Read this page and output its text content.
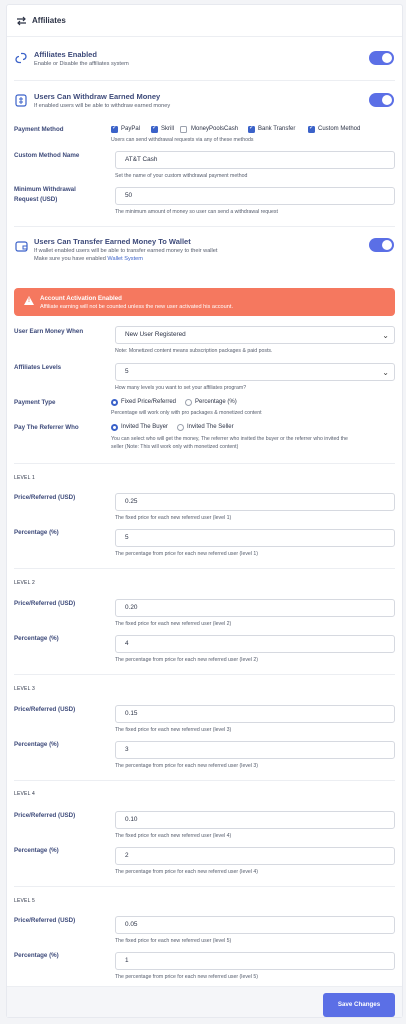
Affiliates
Affiliates Enabled
Enable or Disable the affiliates system
Users Can Withdraw Earned Money
If enabled users will be able to withdraw earned money
Payment Method ✓	PayPal ✓	Skrill	MoneyPoolsCash ✓	Bank Transfer ✓	Custom Method
Users can send withdrawal requests via any of these methods
Custom Method Name
AT&T Cash
Set the name of your custom withdrawal payment method
Minimum Withdrawal
Request (USD)
50
The minimum amount of money so user can send a withdrawal request
Users Can Transfer Earned Money To Wallet
If wallet enabled users will be able to transfer earned money to their wallet
Make sure you have enabled Wallet System
!
Account Activation Enabled
Affiliate earning will not be counted unless the new user activated his account.
User Earn Money When	New User Registered ⌄
Note: Monetized content means subscription packages & paid posts.
Affiliates Levels
5 ⌄
How many levels you want to set your affiliates program?
Payment Type	Fixed Price/Referred	Percentage (%)
Percentage will work only with pro packages & monetized content
Pay The Referrer Who	Invited The Buyer	Invited The Seller
You can select who will get the money, The referrer who invited the buyer or the referrer who invited the
seller (Note: This will work only with monetized content)
LEVEL 1
Price/Referred (USD)
0.25
The fixed price for each new referred user (level 1)
Percentage (%)
5
The percentage from price for each new referred user (level 1)
LEVEL 2
Price/Referred (USD)
0.20
The fixed price for each new referred user (level 2)
Percentage (%)
4
The percentage from price for each new referred user (level 2)
LEVEL 3
Price/Referred (USD)
0.15
The fixed price for each new referred user (level 3)
Percentage (%)
3
The percentage from price for each new referred user (level 3)
LEVEL 4
Price/Referred (USD)
0.10
The fixed price for each new referred user (level 4)
Percentage (%)
2
The percentage from price for each new referred user (level 4)
LEVEL 5
Price/Referred (USD)
0.05
The fixed price for each new referred user (level 5)
Percentage (%)
1
The percentage from price for each new referred user (level 5)
Save Changes
